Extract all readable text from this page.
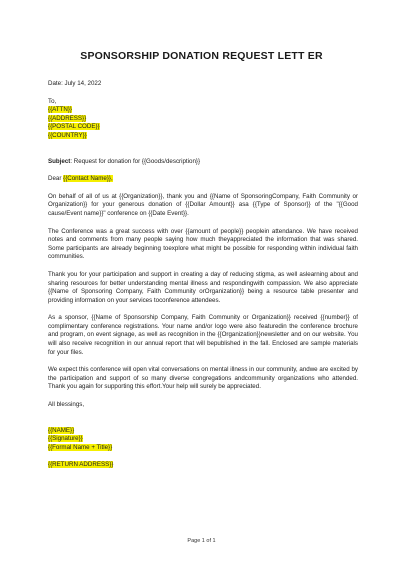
SPONSORSHIP DONATION REQUEST LETT ER
Date: July 14, 2022
To,
{{ATTN}}
{{ADDRESS}}
{{POSTAL CODE}}
{{COUNTRY}}
Subject: Request for donation for {{Goods/description}}
Dear {{Contact Name}},

On behalf of all of us at {{Organization}}, thank you and {{Name of SponsoringCompany, Faith Community or Organization}} for your generous donation of {{Dollar Amount}} asa {{Type of Sponsor}} of the "{{Good cause/Event name}}" conference on {{Date Event}}.

The Conference was a great success with over {{amount of people}} peoplein attendance. We have received notes and comments from many people saying how much theyappreciated the information that was shared. Some participants are already beginning toexplore what might be possible for responding within individual faith communities.

Thank you for your participation and support in creating a day of reducing stigma, as well aslearning about and sharing resources for better understanding mental illness and respondingwith compassion. We also appreciate {{Name of Sponsoring Company, Faith Community orOrganization}} being a resource table presenter and providing information on your services toconference attendees.

As a sponsor, {{Name of Sponsorship Company, Faith Community or Organization}} received {{number}} of complimentary conference registrations. Your name and/or logo were also featuredin the conference brochure and program, on event signage, as well as recognition in the {{Organization}}newsletter and on our website. You will also receive recognition in our annual report that will bepublished in the fall. Enclosed are sample materials for your files.

We expect this conference will open vital conversations on mental illness in our community, andwe are excited by the participation and support of so many diverse congregations andcommunity organizations who attended. Thank you again for supporting this effort.Your help will surely be appreciated.

All blessings,
{{NAME}}
{{Signature}}
{{Formal Name + Title}}
{{RETURN ADDRESS}}
Page 1 of 1
